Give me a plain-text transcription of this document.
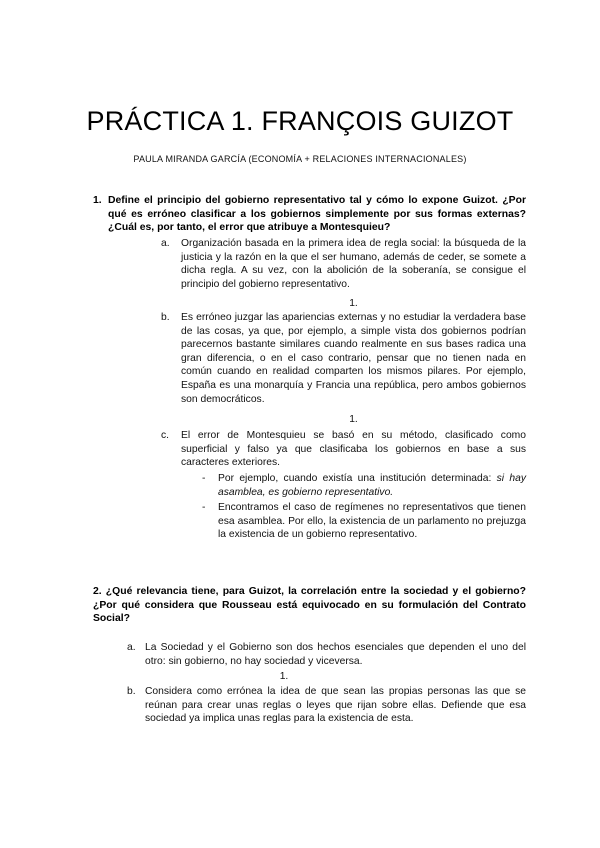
PRÁCTICA 1. FRANÇOIS GUIZOT
PAULA MIRANDA GARCÍA (ECONOMÍA + RELACIONES INTERNACIONALES)
1. Define el principio del gobierno representativo tal y cómo lo expone Guizot. ¿Por qué es erróneo clasificar a los gobiernos simplemente por sus formas externas? ¿Cuál es, por tanto, el error que atribuye a Montesquieu?
a. Organización basada en la primera idea de regla social: la búsqueda de la justicia y la razón en la que el ser humano, además de ceder, se somete a dicha regla. A su vez, con la abolición de la soberanía, se consigue el principio del gobierno representativo.
1.
b. Es erróneo juzgar las apariencias externas y no estudiar la verdadera base de las cosas, ya que, por ejemplo, a simple vista dos gobiernos podrían parecernos bastante similares cuando realmente en sus bases radica una gran diferencia, o en el caso contrario, pensar que no tienen nada en común cuando en realidad comparten los mismos pilares. Por ejemplo, España es una monarquía y Francia una república, pero ambos gobiernos son democráticos.
1.
c. El error de Montesquieu se basó en su método, clasificado como superficial y falso ya que clasificaba los gobiernos en base a sus caracteres exteriores.
- Por ejemplo, cuando existía una institución determinada: si hay asamblea, es gobierno representativo.
- Encontramos el caso de regímenes no representativos que tienen esa asamblea. Por ello, la existencia de un parlamento no prejuzga la existencia de un gobierno representativo.
2. ¿Qué relevancia tiene, para Guizot, la correlación entre la sociedad y el gobierno? ¿Por qué considera que Rousseau está equivocado en su formulación del Contrato Social?
a. La Sociedad y el Gobierno son dos hechos esenciales que dependen el uno del otro: sin gobierno, no hay sociedad y viceversa.
1.
b. Considera como errónea la idea de que sean las propias personas las que se reúnan para crear unas reglas o leyes que rijan sobre ellas. Defiende que esa sociedad ya implica unas reglas para la existencia de esta.
